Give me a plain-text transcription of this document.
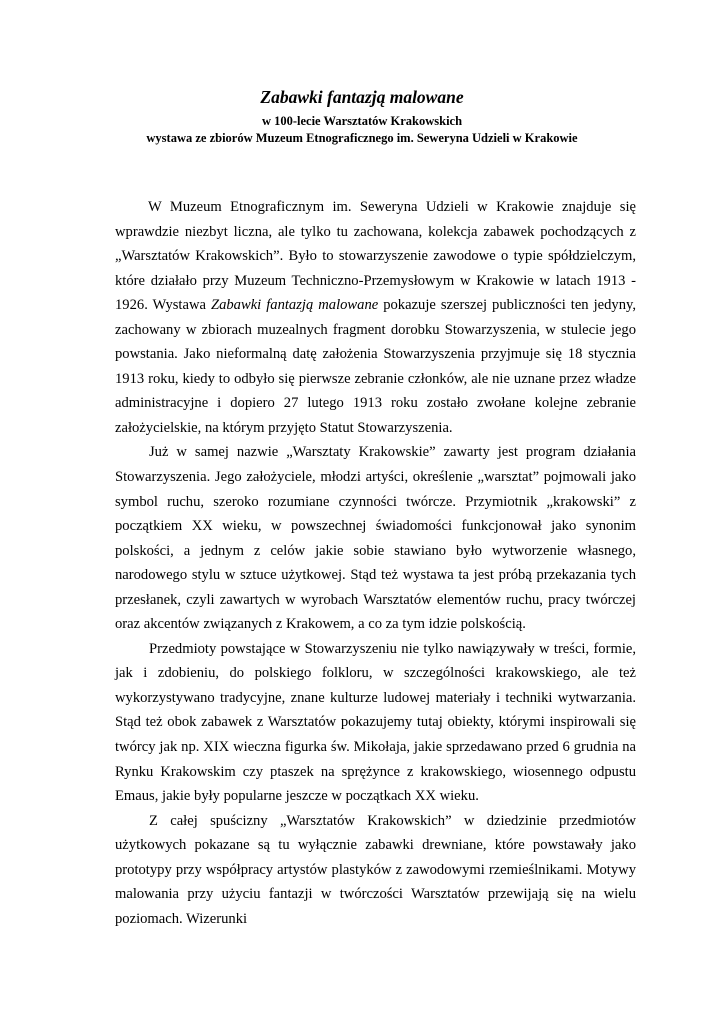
Zabawki fantazją malowane
w 100-lecie Warsztatów Krakowskich
wystawa ze zbiorów Muzeum Etnograficznego im. Seweryna Udzieli w Krakowie

W Muzeum Etnograficznym im. Seweryna Udzieli w Krakowie znajduje się wprawdzie niezbyt liczna, ale tylko tu zachowana, kolekcja zabawek pochodzących z „Warsztatów Krakowskich”. Było to stowarzyszenie zawodowe o typie spółdzielczym, które działało przy Muzeum Techniczno-Przemysłowym w Krakowie w latach 1913 - 1926. Wystawa Zabawki fantazją malowane pokazuje szerszej publiczności ten jedyny, zachowany w zbiorach muzealnych fragment dorobku Stowarzyszenia, w stulecie jego powstania. Jako nieformalną datę założenia Stowarzyszenia przyjmuje się 18 stycznia 1913 roku, kiedy to odbyło się pierwsze zebranie członków, ale nie uznane przez władze administracyjne i dopiero 27 lutego 1913 roku zostało zwołane kolejne zebranie założycielskie, na którym przyjęto Statut Stowarzyszenia.

Już w samej nazwie „Warsztaty Krakowskie” zawarty jest program działania Stowarzyszenia. Jego założyciele, młodzi artyści, określenie „warsztat” pojmowali jako symbol ruchu, szeroko rozumiane czynności twórcze. Przymiotnik „krakowski” z początkiem XX wieku, w powszechnej świadomości funkcjonował jako synonim polskości, a jednym z celów jakie sobie stawiano było wytworzenie własnego, narodowego stylu w sztuce użytkowej. Stąd też wystawa ta jest próbą przekazania tych przesłanek, czyli zawartych w wyrobach Warsztatów elementów ruchu, pracy twórczej oraz akcentów związanych z Krakowem, a co za tym idzie polskością.

Przedmioty powstające w Stowarzyszeniu nie tylko nawiązywały w treści, formie, jak i zdobieniu, do polskiego folkloru, w szczególności krakowskiego, ale też wykorzystywano tradycyjne, znane kulturze ludowej materiały i techniki wytwarzania. Stąd też obok zabawek z Warsztatów pokazujemy tutaj obiekty, którymi inspirowali się twórcy jak np. XIX wieczna figurka św. Mikołaja, jakie sprzedawano przed 6 grudnia na Rynku Krakowskim czy ptaszek na sprężynce z krakowskiego, wiosennego odpustu Emaus, jakie były popularne jeszcze w początkach XX wieku.

Z całej spuścizny „Warsztatów Krakowskich” w dziedzinie przedmiotów użytkowych pokazane są tu wyłącznie zabawki drewniane, które powstawały jako prototypy przy współpracy artystów plastyków z zawodowymi rzemieślnikami. Motywy malowania przy użyciu fantazji w twórczości Warsztatów przewijają się na wielu poziomach. Wizerunki
